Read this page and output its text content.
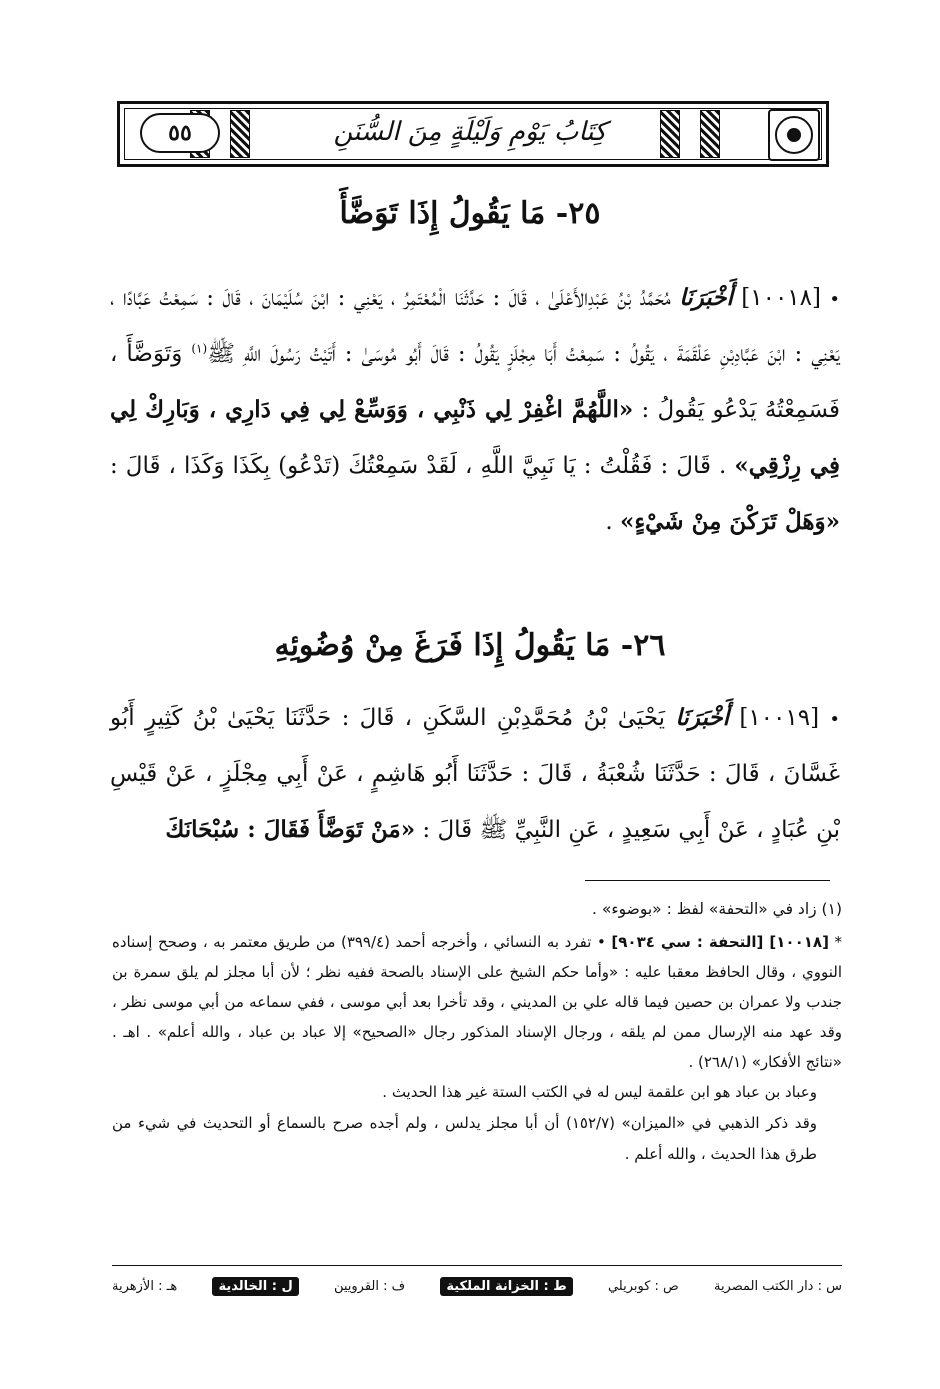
٥٥	كِتَابُ يَوْمِ وَلَيْلَةٍ مِنَ السُّنَنِ
٢٥- مَا يَقُولُ إِذَا تَوَضَّأَ
• [١٠٠١٨] أَخْبَرَنَا مُحَمَّدُ بْنُ عَبْدِالأَعْلَىٰ ، قَالَ : حَدَّثَنَا الْمُعْتَمِرُ ، يَعْنِي : ابْنَ سُلَيْمَانَ ، قَالَ : سَمِعْتُ عَبَّادًا ، يَعْنِي : ابْنَ عَبَّادِبْنِ عَلْقَمَةَ ، يَقُولُ : سَمِعْتُ أَبَا مِجْلَزٍ يَقُولُ : قَالَ أَبُو مُوسَىٰ : أَتَيْتُ رَسُولَ اللَّهِ ﷺ$^{(١)}$ وَتَوَضَّأَ ، فَسَمِعْتُهُ يَدْعُو يَقُولُ : «اللَّهُمَّ اغْفِرْ لِي ذَنْبِي ، وَوَسِّعْ لِي فِي دَارِي ، وَبَارِكْ لِي فِي رِزْقِي» . قَالَ : فَقُلْتُ : يَا نَبِيَّ اللَّهِ ، لَقَدْ سَمِعْتُكَ (تَدْعُو) بِكَذَا وَكَذَا ، قَالَ : «وَهَلْ تَرَكْنَ مِنْ شَيْءٍ» .
٢٦- مَا يَقُولُ إِذَا فَرَغَ مِنْ وُضُوئِهِ
• [١٠٠١٩] أَخْبَرَنَا يَحْيَىٰ بْنُ مُحَمَّدِبْنِ السَّكَنِ ، قَالَ : حَدَّثَنَا يَحْيَىٰ بْنُ كَثِيرٍ أَبُو غَسَّانَ ، قَالَ : حَدَّثَنَا شُعْبَةُ ، قَالَ : حَدَّثَنَا أَبُو هَاشِمٍ ، عَنْ أَبِي مِجْلَزٍ ، عَنْ قَيْسِ بْنِ عُبَادٍ ، عَنْ أَبِي سَعِيدٍ ، عَنِ النَّبِيِّ ﷺ قَالَ : «مَنْ تَوَضَّأَ فَقَالَ : سُبْحَانَكَ
(١) زاد في «التحفة» لفظ : «بوضوء» .
* [١٠٠١٨] [التحفة : سي ٩٠٣٤] • تفرد به النسائي ، وأخرجه أحمد (٣٩٩/٤) من طريق معتمر به ، وصحح إسناده النووي ، وقال الحافظ معقبا عليه : «وأما حكم الشيخ على الإسناد بالصحة ففيه نظر ؛ لأن أبا مجلز لم يلق سمرة بن جندب ولا عمران بن حصين فيما قاله علي بن المديني ، وقد تأخرا بعد أبي موسى ، ففي سماعه من أبي موسى نظر ، وقد عهد منه الإرسال ممن لم يلقه ، ورجال الإسناد المذكور رجال «الصحيح» إلا عباد بن عباد ، والله أعلم» . اهـ . «نتائج الأفكار» (٢٦٨/١) .
وعباد بن عباد هو ابن علقمة ليس له في الكتب الستة غير هذا الحديث .
وقد ذكر الذهبي في «الميزان» (١٥٢/٧) أن أبا مجلز يدلس ، ولم أجده صرح بالسماع أو التحديث في شيء من طرق هذا الحديث ، والله أعلم .
س : دار الكتب المصرية
ص : كوبريلي
ط : الخزانة الملكية
ف : القرويين
ل : الخالدية
هـ : الأزهرية
